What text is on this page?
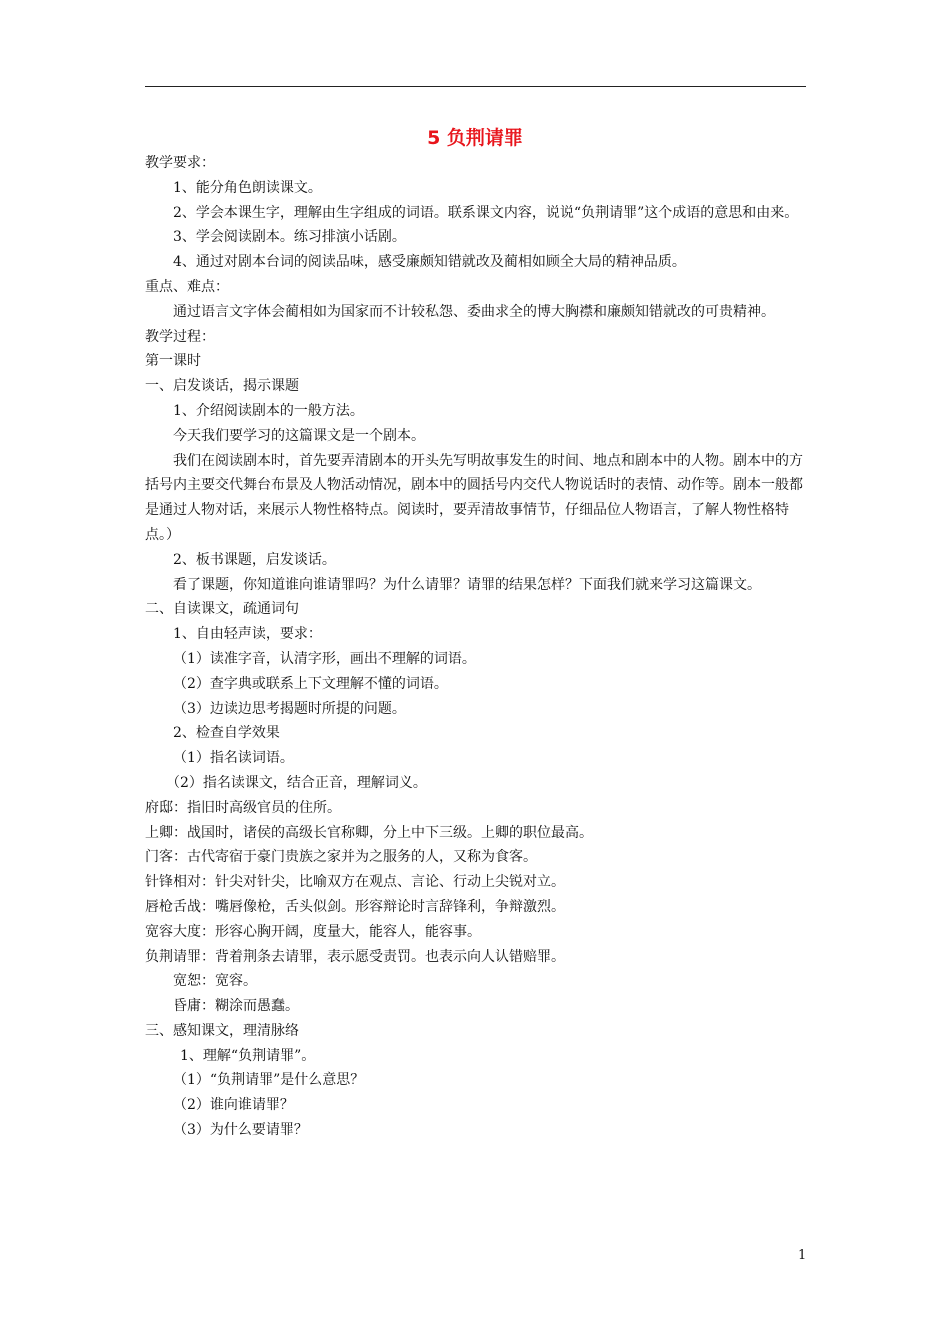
5 负荆请罪

教学要求：

1、能分角色朗读课文。

2、学会本课生字，理解由生字组成的词语。联系课文内容，说说“负荆请罪”这个成语的意思和由来。

3、学会阅读剧本。练习排演小话剧。

4、通过对剧本台词的阅读品味，感受廉颇知错就改及蔺相如顾全大局的精神品质。

重点、难点：

通过语言文字体会蔺相如为国家而不计较私怨、委曲求全的博大胸襟和廉颇知错就改的可贵精神。

教学过程：

第一课时

一、启发谈话，揭示课题

1、介绍阅读剧本的一般方法。

今天我们要学习的这篇课文是一个剧本。

我们在阅读剧本时，首先要弄清剧本的开头先写明故事发生的时间、地点和剧本中的人物。剧本中的方括号内主要交代舞台布景及人物活动情况，剧本中的圆括号内交代人物说话时的表情、动作等。剧本一般都是通过人物对话，来展示人物性格特点。阅读时，要弄清故事情节，仔细品位人物语言，了解人物性格特点。）

2、板书课题，启发谈话。

看了课题，你知道谁向谁请罪吗？为什么请罪？请罪的结果怎样？下面我们就来学习这篇课文。

二、自读课文，疏通词句

1、自由轻声读，要求：

（1）读准字音，认清字形，画出不理解的词语。

（2）查字典或联系上下文理解不懂的词语。

（3）边读边思考揭题时所提的问题。

2、检查自学效果

（1）指名读词语。

（2）指名读课文，结合正音，理解词义。

府邸：指旧时高级官员的住所。

上卿：战国时，诸侯的高级长官称卿，分上中下三级。上卿的职位最高。

门客：古代寄宿于豪门贵族之家并为之服务的人，又称为食客。

针锋相对：针尖对针尖，比喻双方在观点、言论、行动上尖锐对立。

唇枪舌战：嘴唇像枪，舌头似剑。形容辩论时言辞锋利，争辩激烈。

宽容大度：形容心胸开阔，度量大，能容人，能容事。

负荆请罪：背着荆条去请罪，表示愿受责罚。也表示向人认错赔罪。

宽恕：宽容。

昏庸：糊涂而愚蠢。

三、感知课文，理清脉络

1、理解“负荆请罪”。

（1）“负荆请罪”是什么意思？

（2）谁向谁请罪？

（3）为什么要请罪？

1
